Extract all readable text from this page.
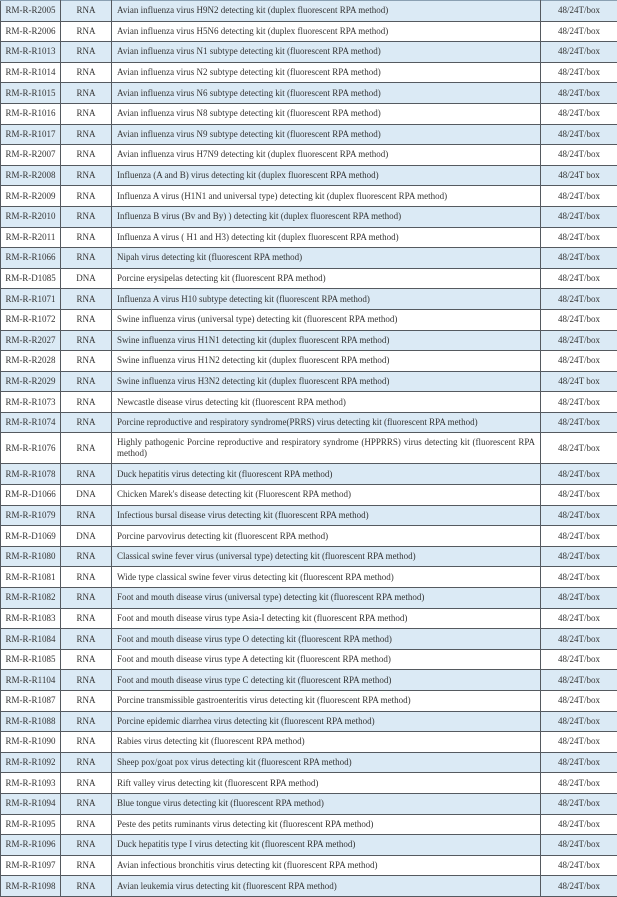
RM-R-R2005	RNA	Avian influenza virus H9N2 detecting kit (duplex fluorescent RPA method)	48/24T/box
RM-R-R2006	RNA	Avian influenza virus H5N6 detecting kit (duplex fluorescent RPA method)	48/24T/box
RM-R-R1013	RNA	Avian influenza virus N1 subtype detecting kit (fluorescent RPA method)	48/24T/box
RM-R-R1014	RNA	Avian influenza virus N2 subtype detecting kit (fluorescent RPA method)	48/24T/box
RM-R-R1015	RNA	Avian influenza virus N6 subtype detecting kit (fluorescent RPA method)	48/24T/box
RM-R-R1016	RNA	Avian influenza virus N8 subtype detecting kit (fluorescent RPA method)	48/24T/box
RM-R-R1017	RNA	Avian influenza virus N9 subtype detecting kit (fluorescent RPA method)	48/24T/box
RM-R-R2007	RNA	Avian influenza virus H7N9 detecting kit (duplex fluorescent RPA method)	48/24T/box
RM-R-R2008	RNA	Influenza (A and B) virus detecting kit (duplex fluorescent RPA method)	48/24T box
RM-R-R2009	RNA	Influenza A virus (H1N1 and universal type) detecting kit (duplex fluorescent RPA method)	48/24T/box
RM-R-R2010	RNA	Influenza B virus (Bv and By) ) detecting kit (duplex fluorescent RPA method)	48/24T/box
RM-R-R2011	RNA	Influenza A virus ( H1 and H3) detecting kit (duplex fluorescent RPA method)	48/24T/box
RM-R-R1066	RNA	Nipah virus detecting kit (fluorescent RPA method)	48/24T/box
RM-R-D1085	DNA	Porcine erysipelas detecting kit (fluorescent RPA method)	48/24T/box
RM-R-R1071	RNA	Influenza A virus H10 subtype detecting kit (fluorescent RPA method)	48/24T/box
RM-R-R1072	RNA	Swine influenza virus (universal type) detecting kit (fluorescent RPA method)	48/24T/box
RM-R-R2027	RNA	Swine influenza virus H1N1 detecting kit (duplex fluorescent RPA method)	48/24T/box
RM-R-R2028	RNA	Swine influenza virus H1N2 detecting kit (duplex fluorescent RPA method)	48/24T/box
RM-R-R2029	RNA	Swine influenza virus H3N2 detecting kit (duplex fluorescent RPA method)	48/24T box
RM-R-R1073	RNA	Newcastle disease virus detecting kit (fluorescent RPA method)	48/24T/box
RM-R-R1074	RNA	Porcine reproductive and respiratory syndrome(PRRS) virus detecting kit (fluorescent RPA method)	48/24T/box
RM-R-R1076	RNA	Highly pathogenic Porcine reproductive and respiratory syndrome (HPPRRS) virus detecting kit (fluorescent RPA method)	48/24T/box
RM-R-R1078	RNA	Duck hepatitis virus detecting kit (fluorescent RPA method)	48/24T/box
RM-R-D1066	DNA	Chicken Marek's disease detecting kit (Fluorescent RPA method)	48/24T/box
RM-R-R1079	RNA	Infectious bursal disease virus detecting kit (fluorescent RPA method)	48/24T/box
RM-R-D1069	DNA	Porcine parvovirus detecting kit (fluorescent RPA method)	48/24T/box
RM-R-R1080	RNA	Classical swine fever virus (universal type) detecting kit (fluorescent RPA method)	48/24T/box
RM-R-R1081	RNA	Wide type classical swine fever virus detecting kit (fluorescent RPA method)	48/24T/box
RM-R-R1082	RNA	Foot and mouth disease virus (universal type) detecting kit (fluorescent RPA method)	48/24T/box
RM-R-R1083	RNA	Foot and mouth disease virus type Asia-I detecting kit (fluorescent RPA method)	48/24T/box
RM-R-R1084	RNA	Foot and mouth disease virus type O detecting kit (fluorescent RPA method)	48/24T/box
RM-R-R1085	RNA	Foot and mouth disease virus type A detecting kit (fluorescent RPA method)	48/24T/box
RM-R-R1104	RNA	Foot and mouth disease virus type C detecting kit (fluorescent RPA method)	48/24T/box
RM-R-R1087	RNA	Porcine transmissible gastroenteritis virus detecting kit (fluorescent RPA method)	48/24T/box
RM-R-R1088	RNA	Porcine epidemic diarrhea virus detecting kit (fluorescent RPA method)	48/24T/box
RM-R-R1090	RNA	Rabies virus detecting kit (fluorescent RPA method)	48/24T/box
RM-R-R1092	RNA	Sheep pox/goat pox virus detecting kit (fluorescent RPA method)	48/24T/box
RM-R-R1093	RNA	Rift valley virus detecting kit (fluorescent RPA method)	48/24T/box
RM-R-R1094	RNA	Blue tongue virus detecting kit (fluorescent RPA method)	48/24T/box
RM-R-R1095	RNA	Peste des petits ruminants virus detecting kit (fluorescent RPA method)	48/24T/box
RM-R-R1096	RNA	Duck hepatitis type I virus detecting kit (fluorescent RPA method)	48/24T/box
RM-R-R1097	RNA	Avian infectious bronchitis virus detecting kit (fluorescent RPA method)	48/24T/box
RM-R-R1098	RNA	Avian leukemia virus detecting kit (fluorescent RPA method)	48/24T/box
